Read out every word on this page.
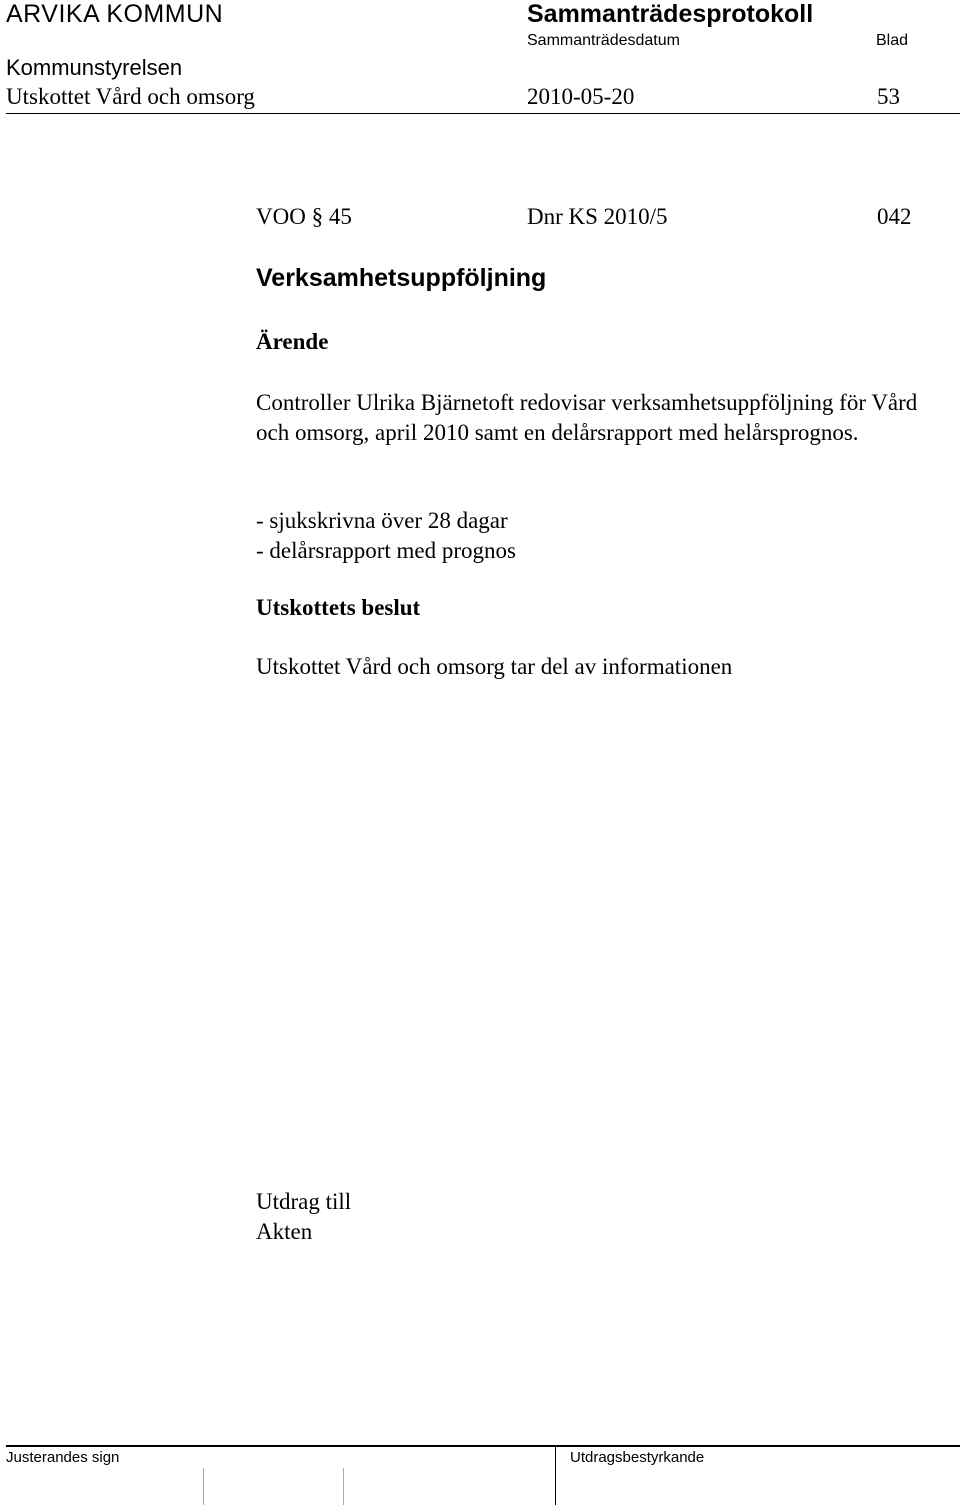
ARVIKA KOMMUN	Sammanträdesprotokoll
Sammanträdesdatum	Blad
Kommunstyrelsen
Utskottet Vård och omsorg	2010-05-20	53
VOO § 45	Dnr KS 2010/5	042
Verksamhetsuppföljning
Ärende
Controller Ulrika Bjärnetoft redovisar verksamhetsuppföljning för Vård och omsorg, april 2010 samt en delårsrapport med helårsprognos.
- sjukskrivna över 28 dagar
- delårsrapport med prognos
Utskottets beslut
Utskottet Vård och omsorg tar del av informationen
Utdrag till
Akten
Justerandes sign	Utdragsbestyrkande
